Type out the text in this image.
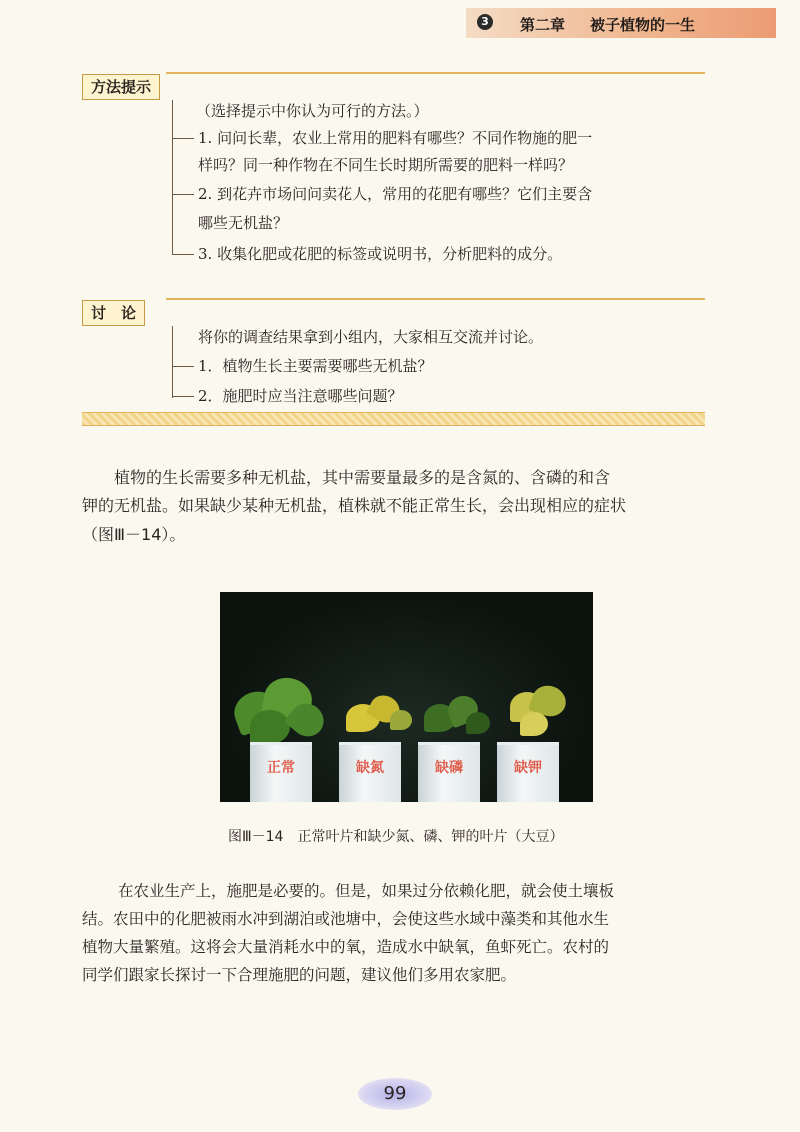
3 第二章 被子植物的一生
方法提示
（选择提示中你认为可行的方法。）
1. 问问长辈，农业上常用的肥料有哪些？不同作物施的肥一
样吗？同一种作物在不同生长时期所需要的肥料一样吗？
2. 到花卉市场问问卖花人，常用的花肥有哪些？它们主要含
哪些无机盐？
3. 收集化肥或花肥的标签或说明书，分析肥料的成分。
讨　论
将你的调查结果拿到小组内，大家相互交流并讨论。
1．植物生长主要需要哪些无机盐？
2．施肥时应当注意哪些问题？
植物的生长需要多种无机盐，其中需要量最多的是含氮的、含磷的和含
钾的无机盐。如果缺少某种无机盐，植株就不能正常生长，会出现相应的症状
（图Ⅲ－14）。
正常	缺氮	缺磷	缺钾
图Ⅲ－14　正常叶片和缺少氮、磷、钾的叶片（大豆）
在农业生产上，施肥是必要的。但是，如果过分依赖化肥，就会使土壤板
结。农田中的化肥被雨水冲到湖泊或池塘中，会使这些水域中藻类和其他水生
植物大量繁殖。这将会大量消耗水中的氧，造成水中缺氧，鱼虾死亡。农村的
同学们跟家长探讨一下合理施肥的问题，建议他们多用农家肥。
99
